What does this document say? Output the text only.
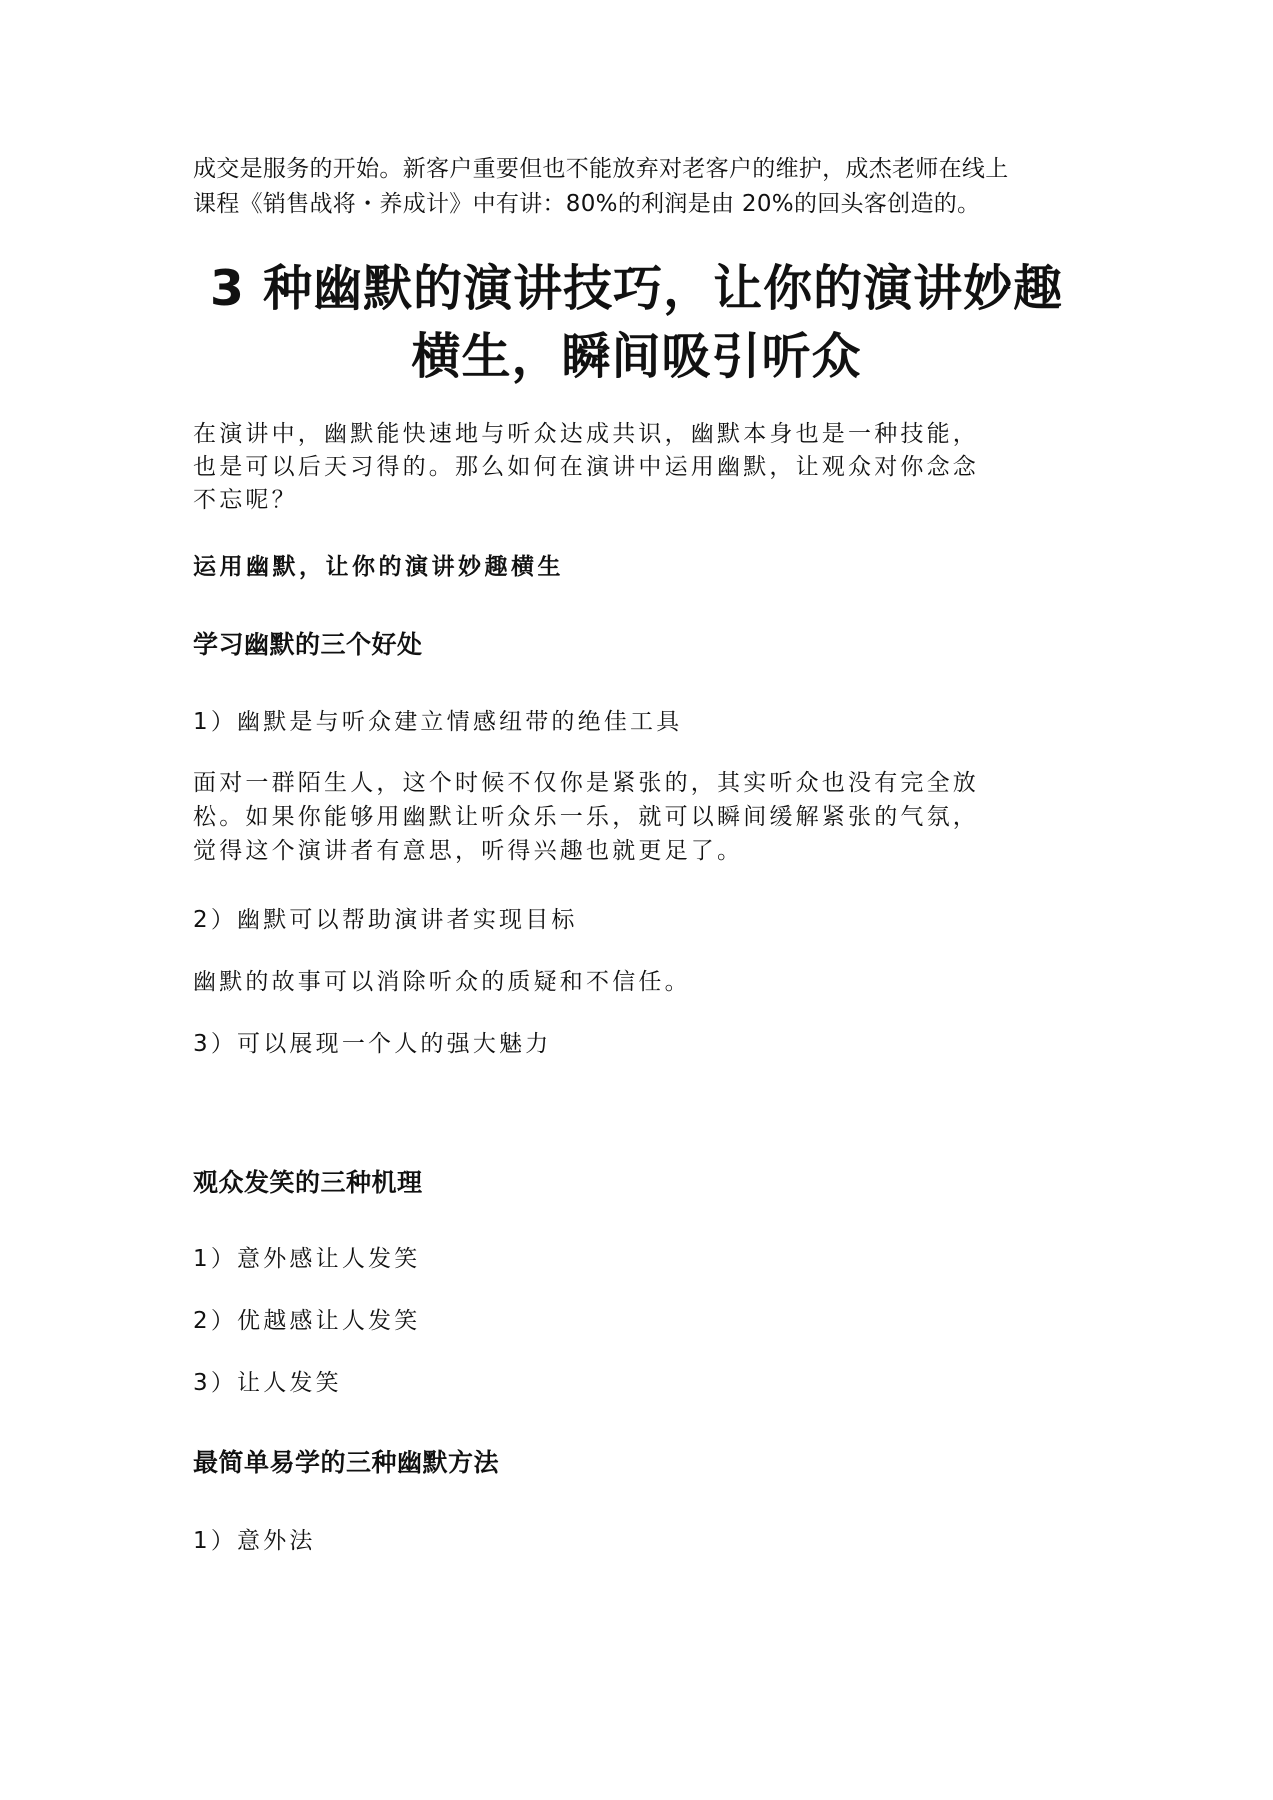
成交是服务的开始。新客户重要但也不能放弃对老客户的维护，成杰老师在线上

课程《销售战将・养成计》中有讲：80%的利润是由 20%的回头客创造的。

3 种幽默的演讲技巧，让你的演讲妙趣

横生，瞬间吸引听众

在演讲中，幽默能快速地与听众达成共识，幽默本身也是一种技能，

也是可以后天习得的。那么如何在演讲中运用幽默，让观众对你念念

不忘呢？

运用幽默，让你的演讲妙趣横生
学习幽默的三个好处
1）幽默是与听众建立情感纽带的绝佳工具

面对一群陌生人，这个时候不仅你是紧张的，其实听众也没有完全放

松。如果你能够用幽默让听众乐一乐，就可以瞬间缓解紧张的气氛，

觉得这个演讲者有意思，听得兴趣也就更足了。

2）幽默可以帮助演讲者实现目标
幽默的故事可以消除听众的质疑和不信任。
3）可以展现一个人的强大魅力
观众发笑的三种机理
1）意外感让人发笑
2）优越感让人发笑
3）让人发笑
最简单易学的三种幽默方法
1）意外法
